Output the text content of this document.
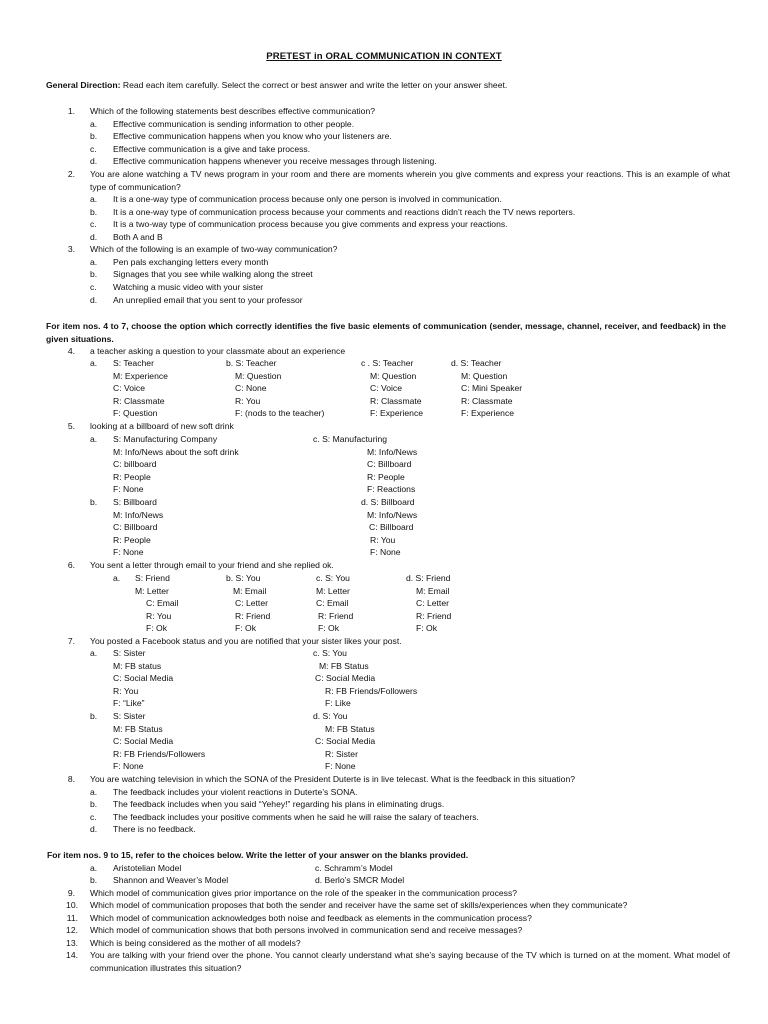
PRETEST in ORAL COMMUNICATION IN CONTEXT
General Direction: Read each item carefully. Select the correct or best answer and write the letter on your answer sheet.
1. Which of the following statements best describes effective communication?
a. Effective communication is sending information to other people.
b. Effective communication happens when you know who your listeners are.
c. Effective communication is a give and take process.
d. Effective communication happens whenever you receive messages through listening.
2. You are alone watching a TV news program in your room and there are moments wherein you give comments and express your reactions. This is an example of what type of communication?
a. It is a one-way type of communication process because only one person is involved in communication.
b. It is a one-way type of communication process because your comments and reactions didn’t reach the TV news reporters.
c. It is a two-way type of communication process because you give comments and express your reactions.
d. Both A and B
3. Which of the following is an example of two-way communication?
a. Pen pals exchanging letters every month
b. Signages that you see while walking along the street
c. Watching a music video with your sister
d. An unreplied email that you sent to your professor
For item nos. 4 to 7, choose the option which correctly identifies the five basic elements of communication (sender, message, channel, receiver, and feedback) in the given situations.
4. a teacher asking a question to your classmate about an experience
a. S: Teacher
M: Experience
C: Voice
R: Classmate
F: Question
b. S: Teacher
M: Question
C: None
R: You
F: (nods to the teacher)
c . S: Teacher
M: Question
C: Voice
R: Classmate
F: Experience
d. S: Teacher
M: Question
C: Mini Speaker
R: Classmate
F: Experience
5. looking at a billboard of new soft drink
a. S: Manufacturing Company
M: Info/News about the soft drink
C: billboard
R: People
F: None
c. S: Manufacturing
M: Info/News
C: Billboard
R: People
F: Reactions
b. S: Billboard
M: Info/News
C: Billboard
R: People
F: None
d. S: Billboard
M: Info/News
C: Billboard
R: You
F: None
6. You sent a letter through email to your friend and she replied ok.
a. S: Friend
M: Letter
C: Email
R: You
F: Ok
b. S: You
M: Email
C: Letter
R: Friend
F: Ok
c. S: You
M: Letter
C: Email
R: Friend
F: Ok
d. S: Friend
M: Email
C: Letter
R: Friend
F: Ok
7. You posted a Facebook status and you are notified that your sister likes your post.
a. S: Sister
M: FB status
C: Social Media
R: You
F: “Like”
c. S: You
M: FB Status
C: Social Media
R: FB Friends/Followers
F: Like
b. S: Sister
M: FB Status
C: Social Media
R: FB Friends/Followers
F: None
d. S: You
M: FB Status
C: Social Media
R: Sister
F: None
8. You are watching television in which the SONA of the President Duterte is in live telecast. What is the feedback in this situation?
a. The feedback includes your violent reactions in Duterte’s SONA.
b. The feedback includes when you said “Yehey!” regarding his plans in eliminating drugs.
c. The feedback includes your positive comments when he said he will raise the salary of teachers.
d. There is no feedback.
For item nos. 9 to 15, refer to the choices below. Write the letter of your answer on the blanks provided.
a. Aristotelian Model	c. Schramm’s Model
b. Shannon and Weaver’s Model	d. Berlo’s SMCR Model
9. Which model of communication gives prior importance on the role of the speaker in the communication process?
10. Which model of communication proposes that both the sender and receiver have the same set of skills/experiences when they communicate?
11. Which model of communication acknowledges both noise and feedback as elements in the communication process?
12. Which model of communication shows that both persons involved in communication send and receive messages?
13. Which is being considered as the mother of all models?
14. You are talking with your friend over the phone. You cannot clearly understand what she’s saying because of the TV which is turned on at the moment. What model of communication illustrates this situation?
